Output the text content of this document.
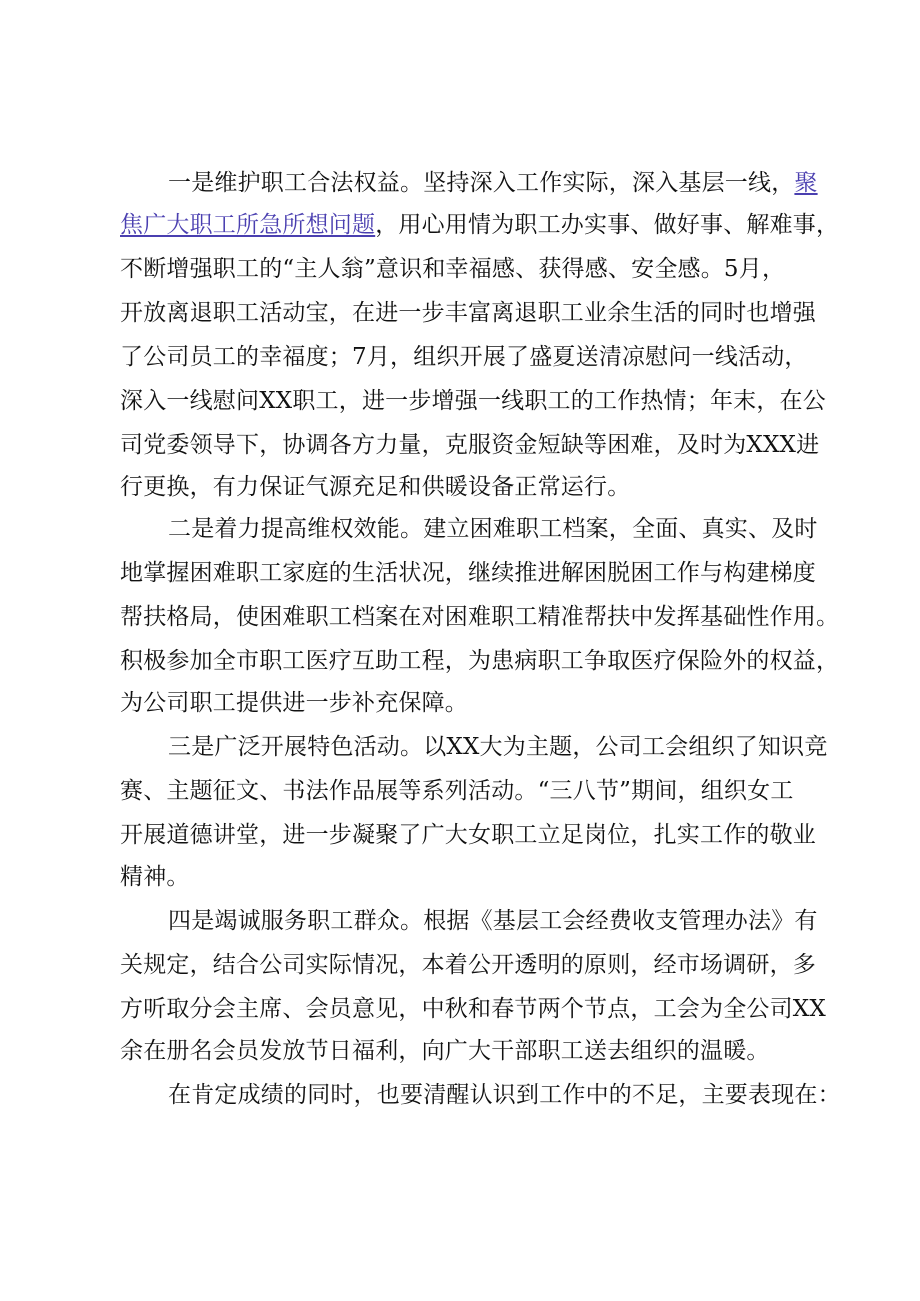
一是维护职工合法权益。坚持深入工作实际，深入基层一线，聚
焦广大职工所急所想问题，用心用情为职工办实事、做好事、解难事，
不断增强职工的“主人翁”意识和幸福感、获得感、安全感。5月，
开放离退职工活动宝，在进一步丰富离退职工业余生活的同时也增强
了公司员工的幸福度；7月，组织开展了盛夏送清凉慰问一线活动，
深入一线慰问XX职工，进一步增强一线职工的工作热情；年末，在公
司党委领导下，协调各方力量，克服资金短缺等困难，及时为XXX进
行更换，有力保证气源充足和供暖设备正常运行。
二是着力提高维权效能。建立困难职工档案，全面、真实、及时
地掌握困难职工家庭的生活状况，继续推进解困脱困工作与构建梯度
帮扶格局，使困难职工档案在对困难职工精准帮扶中发挥基础性作用。
积极参加全市职工医疗互助工程，为患病职工争取医疗保险外的权益，
为公司职工提供进一步补充保障。
三是广泛开展特色活动。以XX大为主题，公司工会组织了知识竞
赛、主题征文、书法作品展等系列活动。“三八节”期间，组织女工
开展道德讲堂，进一步凝聚了广大女职工立足岗位，扎实工作的敬业
精神。
四是竭诚服务职工群众。根据《基层工会经费收支管理办法》有
关规定，结合公司实际情况，本着公开透明的原则，经市场调研，多
方听取分会主席、会员意见，中秋和春节两个节点，工会为全公司XX
余在册名会员发放节日福利，向广大干部职工送去组织的温暖。
在肯定成绩的同时，也要清醒认识到工作中的不足，主要表现在：
